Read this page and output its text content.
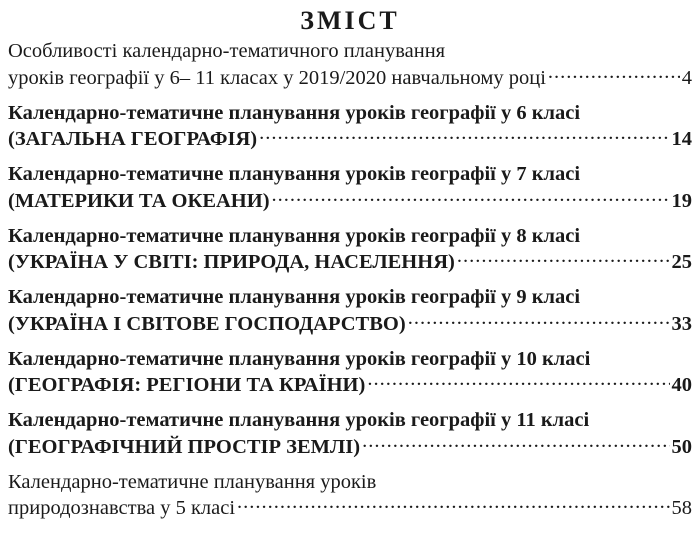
ЗМІСТ
Особливості календарно-тематичного планування
уроків географії у 6– 11 класах у 2019/2020 навчальному році .....	4
Календарно-тематичне планування уроків географії у 6 класі
(ЗАГАЛЬНА ГЕОГРАФІЯ) .....	14
Календарно-тематичне планування уроків географії у 7 класі
(МАТЕРИКИ ТА ОКЕАНИ) .....	19
Календарно-тематичне планування уроків географії у 8 класі
(УКРАЇНА У СВІТІ: ПРИРОДА, НАСЕЛЕННЯ) .....	25
Календарно-тематичне планування уроків географії у 9 класі
(УКРАЇНА І СВІТОВЕ ГОСПОДАРСТВО) .....	33
Календарно-тематичне планування уроків географії у 10 класі
(ГЕОГРАФІЯ: РЕГІОНИ ТА КРАЇНИ) .....	40
Календарно-тематичне планування уроків географії у 11 класі
(ГЕОГРАФІЧНИЙ ПРОСТІР ЗЕМЛІ) .....	50
Календарно-тематичне планування уроків
природознавства у 5 класі .....	58
